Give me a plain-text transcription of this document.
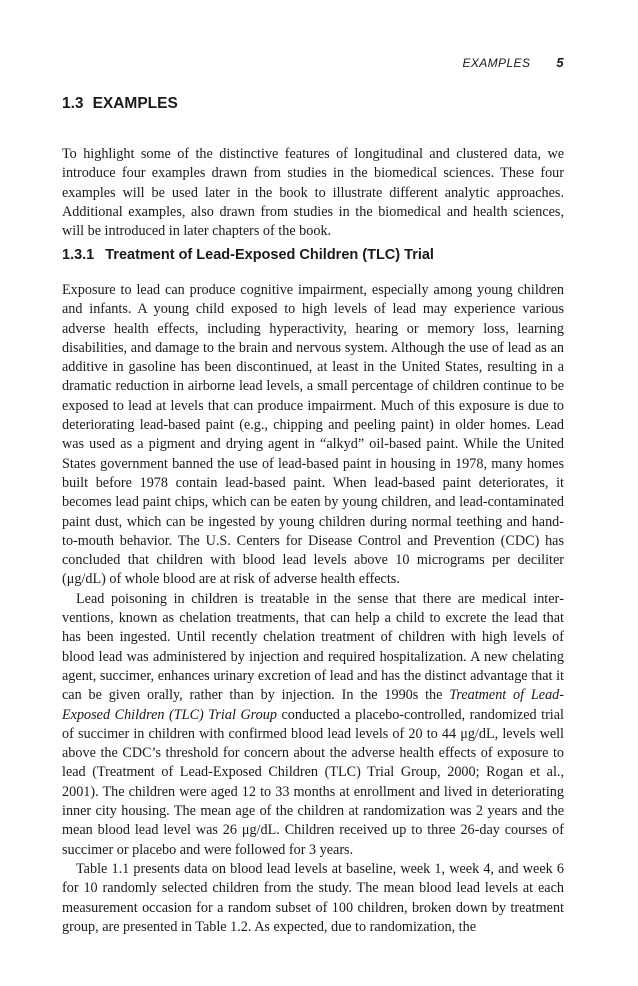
EXAMPLES 5
1.3 EXAMPLES

To highlight some of the distinctive features of longitudinal and clustered data, we introduce four examples drawn from studies in the biomedical sciences. These four examples will be used later in the book to illustrate different analytic approaches. Additional examples, also drawn from studies in the biomedical and health sciences, will be introduced in later chapters of the book.

1.3.1 Treatment of Lead-Exposed Children (TLC) Trial

Exposure to lead can produce cognitive impairment, especially among young children and infants. A young child exposed to high levels of lead may experience various adverse health effects, including hyperactivity, hearing or memory loss, learning disabilities, and damage to the brain and nervous system. Although the use of lead as an additive in gasoline has been discontinued, at least in the United States, resulting in a dramatic reduction in airborne lead levels, a small percentage of children continue to be exposed to lead at levels that can produce impairment. Much of this exposure is due to deteriorating lead-based paint (e.g., chipping and peeling paint) in older homes. Lead was used as a pigment and drying agent in “alkyd” oil-based paint. While the United States government banned the use of lead-based paint in housing in 1978, many homes built before 1978 contain lead-based paint. When lead-based paint deteriorates, it becomes lead paint chips, which can be eaten by young children, and lead-contaminated paint dust, which can be ingested by young children during normal teething and hand-to-mouth behavior. The U.S. Centers for Disease Control and Prevention (CDC) has concluded that children with blood lead levels above 10 micrograms per deciliter (μg/dL) of whole blood are at risk of adverse health effects.

Lead poisoning in children is treatable in the sense that there are medical interventions, known as chelation treatments, that can help a child to excrete the lead that has been ingested. Until recently chelation treatment of children with high levels of blood lead was administered by injection and required hospitalization. A new chelating agent, succimer, enhances urinary excretion of lead and has the distinct advantage that it can be given orally, rather than by injection. In the 1990s the Treatment of Lead-Exposed Children (TLC) Trial Group conducted a placebo-controlled, randomized trial of succimer in children with confirmed blood lead levels of 20 to 44 μg/dL, levels well above the CDC’s threshold for concern about the adverse health effects of exposure to lead (Treatment of Lead-Exposed Children (TLC) Trial Group, 2000; Rogan et al., 2001). The children were aged 12 to 33 months at enrollment and lived in deteriorating inner city housing. The mean age of the children at randomization was 2 years and the mean blood lead level was 26 μg/dL. Children received up to three 26-day courses of succimer or placebo and were followed for 3 years.

Table 1.1 presents data on blood lead levels at baseline, week 1, week 4, and week 6 for 10 randomly selected children from the study. The mean blood lead levels at each measurement occasion for a random subset of 100 children, broken down by treatment group, are presented in Table 1.2. As expected, due to randomization, the
